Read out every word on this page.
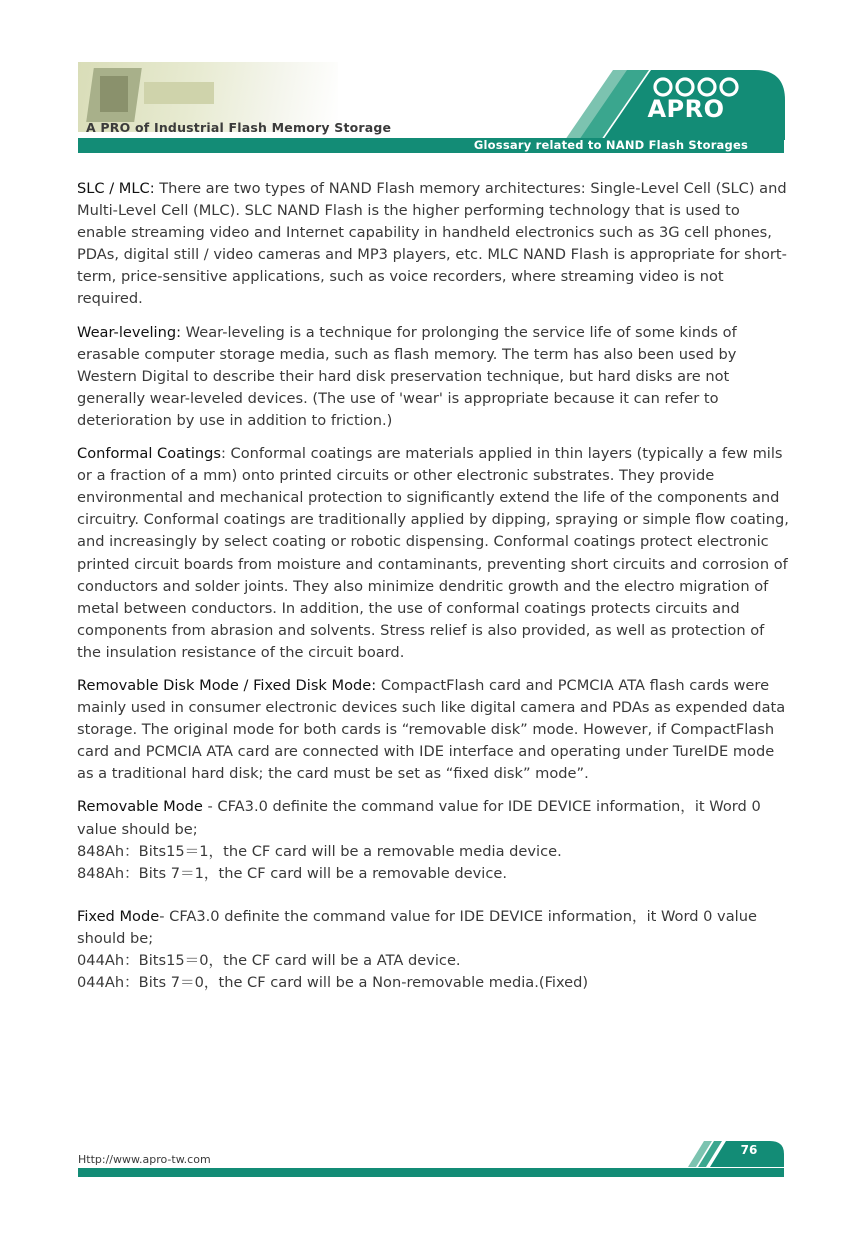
A PRO of Industrial Flash Memory Storage
APRO
Glossary related to NAND Flash Storages

SLC / MLC: There are two types of NAND Flash memory architectures: Single-Level Cell (SLC) and Multi-Level Cell (MLC). SLC NAND Flash is the higher performing technology that is used to enable streaming video and Internet capability in handheld electronics such as 3G cell phones, PDAs, digital still / video cameras and MP3 players, etc. MLC NAND Flash is appropriate for short-term, price-sensitive applications, such as voice recorders, where streaming video is not required.

Wear-leveling: Wear-leveling is a technique for prolonging the service life of some kinds of erasable computer storage media, such as flash memory. The term has also been used by Western Digital to describe their hard disk preservation technique, but hard disks are not generally wear-leveled devices. (The use of 'wear' is appropriate because it can refer to deterioration by use in addition to friction.)

Conformal Coatings: Conformal coatings are materials applied in thin layers (typically a few mils or a fraction of a mm) onto printed circuits or other electronic substrates. They provide environmental and mechanical protection to significantly extend the life of the components and circuitry. Conformal coatings are traditionally applied by dipping, spraying or simple flow coating, and increasingly by select coating or robotic dispensing. Conformal coatings protect electronic printed circuit boards from moisture and contaminants, preventing short circuits and corrosion of conductors and solder joints. They also minimize dendritic growth and the electro migration of metal between conductors. In addition, the use of conformal coatings protects circuits and components from abrasion and solvents. Stress relief is also provided, as well as protection of the insulation resistance of the circuit board.

Removable Disk Mode / Fixed Disk Mode: CompactFlash card and PCMCIA ATA flash cards were mainly used in consumer electronic devices such like digital camera and PDAs as expended data storage. The original mode for both cards is “removable disk” mode. However, if CompactFlash card and PCMCIA ATA card are connected with IDE interface and operating under TureIDE mode as a traditional hard disk; the card must be set as “fixed disk” mode”.

Removable Mode - CFA3.0 definite the command value for IDE DEVICE information，it Word 0 value should be;
848Ah：Bits15＝1，the CF card will be a removable media device.
848Ah：Bits 7＝1，the CF card will be a removable device.

Fixed Mode- CFA3.0 definite the command value for IDE DEVICE information，it Word 0 value should be;
044Ah：Bits15＝0，the CF card will be a ATA device.
044Ah：Bits 7＝0，the CF card will be a Non-removable media.(Fixed)

Http://www.apro-tw.com
76
